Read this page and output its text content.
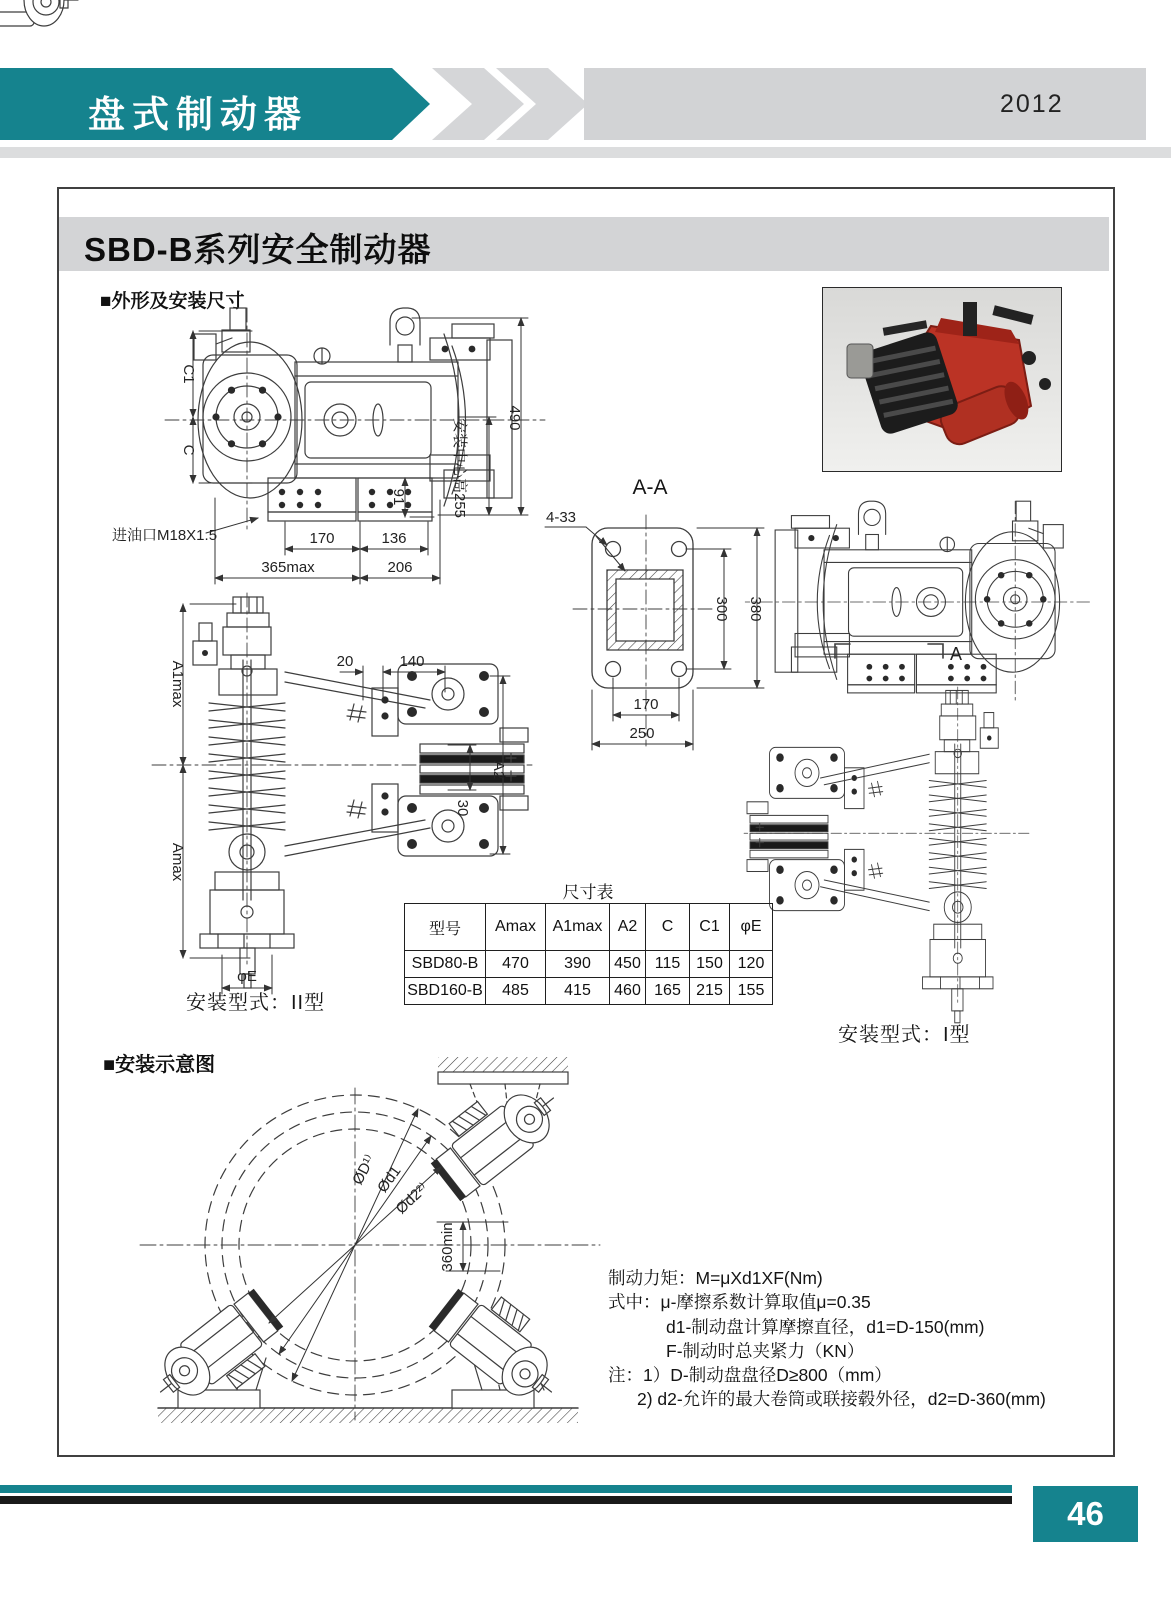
盘式制动器	2012
SBD-B系列安全制动器
■外形及安装尺寸
■安装示意图
A
C1
C
490
安装中心高255
91
170	136
365max	206
进油口M18X1.5
4-33
300 380
170
250
A1max
Amax
20	140
A2
30
φE
ØD¹⁾
Ød1
Ød2²⁾
360min
A-A
安装型式：II型
安装型式：I型
尺寸表
型号	Amax	A1max	A2	C	C1	φE
SBD80-B	470	390	450	115	150	120
SBD160-B	485	415	460	165	215	155
制动力矩：M=μXd1XF(Nm)
式中：μ-摩擦系数计算取值μ=0.35
d1-制动盘计算摩擦直径，d1=D-150(mm)
F-制动时总夹紧力（KN）
注：1）D-制动盘盘径D≥800（mm）
2) d2-允许的最大卷筒或联接毂外径，d2=D-360(mm)
46
